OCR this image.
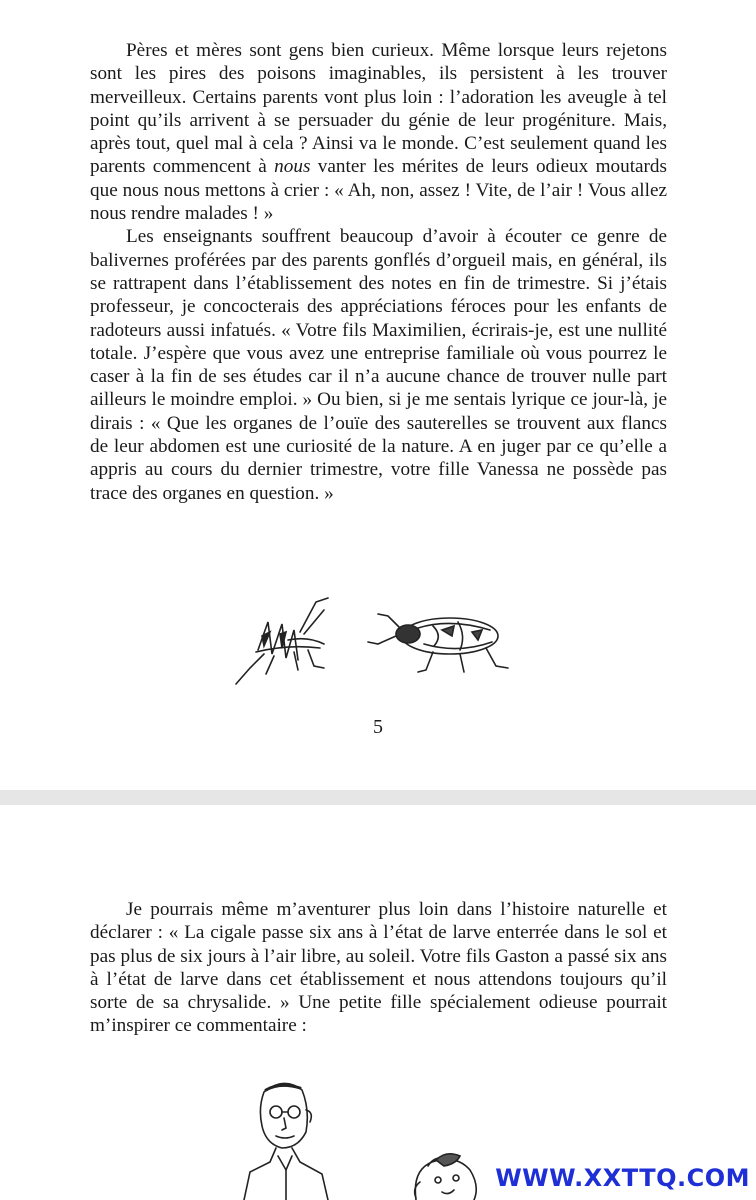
Pères et mères sont gens bien curieux. Même lorsque leurs rejetons sont les pires des poisons imaginables, ils persistent à les trouver merveilleux. Certains parents vont plus loin : l’adoration les aveugle à tel point qu’ils arrivent à se persuader du génie de leur progéniture. Mais, après tout, quel mal à cela ? Ainsi va le monde. C’est seulement quand les parents commencent à nous vanter les mérites de leurs odieux moutards que nous nous mettons à crier : « Ah, non, assez ! Vite, de l’air ! Vous allez nous rendre malades ! »

Les enseignants souffrent beaucoup d’avoir à écouter ce genre de balivernes proférées par des parents gonflés d’orgueil mais, en général, ils se rattrapent dans l’établissement des notes en fin de trimestre. Si j’étais professeur, je concocterais des appréciations féroces pour les enfants de radoteurs aussi infatués. « Votre fils Maximilien, écrirais-je, est une nullité totale. J’espère que vous avez une entreprise familiale où vous pourrez le caser à la fin de ses études car il n’a aucune chance de trouver nulle part ailleurs le moindre emploi. » Ou bien, si je me sentais lyrique ce jour-là, je dirais : « Que les organes de l’ouïe des sauterelles se trouvent aux flancs de leur abdomen est une curiosité de la nature. A en juger par ce qu’elle a appris au cours du dernier trimestre, votre fille Vanessa ne possède pas trace des organes en question. »

5

Je pourrais même m’aventurer plus loin dans l’histoire naturelle et déclarer : « La cigale passe six ans à l’état de larve enterrée dans le sol et pas plus de six jours à l’air libre, au soleil. Votre fils Gaston a passé six ans à l’état de larve dans cet établissement et nous attendons toujours qu’il sorte de sa chrysalide. » Une petite fille spécialement odieuse pourrait m’inspirer ce commentaire :

WWW.XXTTQ.COM
